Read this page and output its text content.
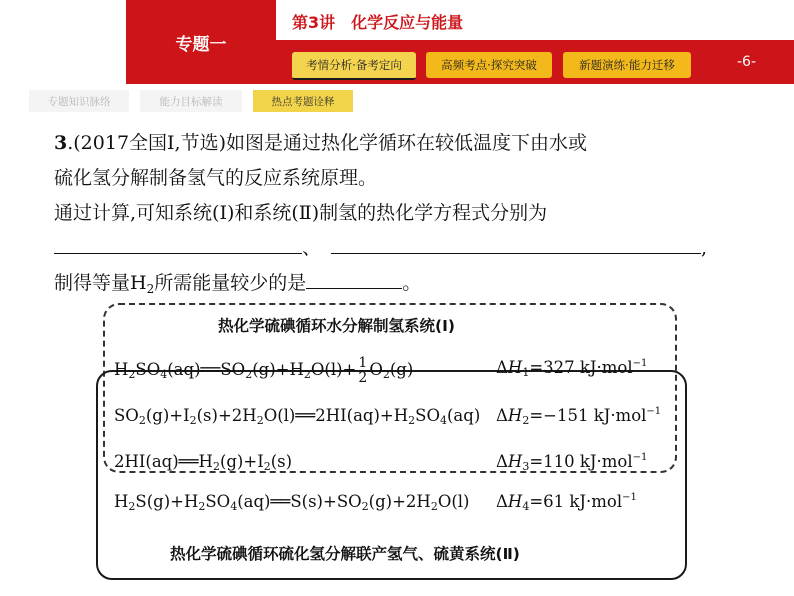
专题一
第3讲　化学反应与能量
考情分析·备考定向	高频考点·探究突破	新题演练·能力迁移	-6-
专题知识脉络	能力目标解读	热点考题诠释
3.(2017全国Ⅰ,节选)如图是通过热化学循环在较低温度下由水或
硫化氢分解制备氢气的反应系统原理。
通过计算,可知系统(Ⅰ)和系统(Ⅱ)制氢的热化学方程式分别为
、	,
制得等量$H_2$所需能量较少的是	。
热化学硫碘循环水分解制氢系统(Ⅰ)
$H_2SO_4(aq)══SO_2(g)+H_2O(l)+ \frac{1}{2} O_2(g)$	$\Delta H_1=327$ kJ·mol$^{-1}$
$SO_2(g)+I_2(s)+2H_2O(l)══2HI(aq)+H_2SO_4(aq)$ $\Delta H_2=-151$ kJ·mol$^{-1}$
$2HI(aq)══H_2(g)+I_2(s)$	$\Delta H_3=110$ kJ·mol$^{-1}$
$H_2S(g)+H_2SO_4(aq)══S(s)+SO_2(g)+2H_2O(l)$ $\Delta H_4=61$ kJ·mol$^{-1}$
热化学硫碘循环硫化氢分解联产氢气、硫黄系统(Ⅱ)
